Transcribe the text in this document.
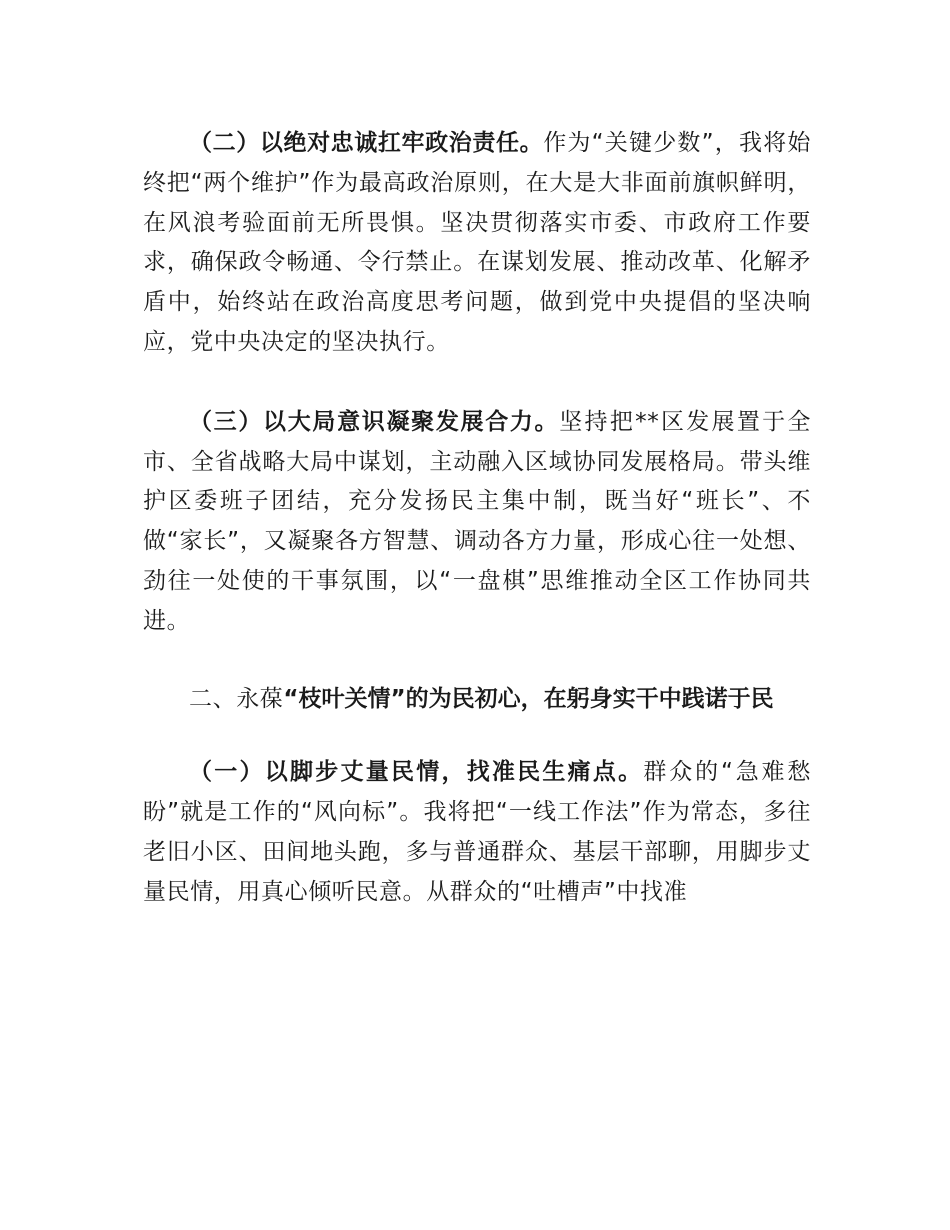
（二）以绝对忠诚扛牢政治责任。作为“关键少数”，我将始终把“两个维护”作为最高政治原则，在大是大非面前旗帜鲜明，在风浪考验面前无所畏惧。坚决贯彻落实市委、市政府工作要求，确保政令畅通、令行禁止。在谋划发展、推动改革、化解矛盾中，始终站在政治高度思考问题，做到党中央提倡的坚决响应，党中央决定的坚决执行。

（三）以大局意识凝聚发展合力。坚持把**区发展置于全市、全省战略大局中谋划，主动融入区域协同发展格局。带头维护区委班子团结，充分发扬民主集中制，既当好“班长”、不做“家长”，又凝聚各方智慧、调动各方力量，形成心往一处想、劲往一处使的干事氛围，以“一盘棋”思维推动全区工作协同共进。

二、永葆“枝叶关情”的为民初心，在躬身实干中践诺于民

（一）以脚步丈量民情，找准民生痛点。群众的“急难愁盼”就是工作的“风向标”。我将把“一线工作法”作为常态，多往老旧小区、田间地头跑，多与普通群众、基层干部聊，用脚步丈量民情，用真心倾听民意。从群众的“吐槽声”中找准
